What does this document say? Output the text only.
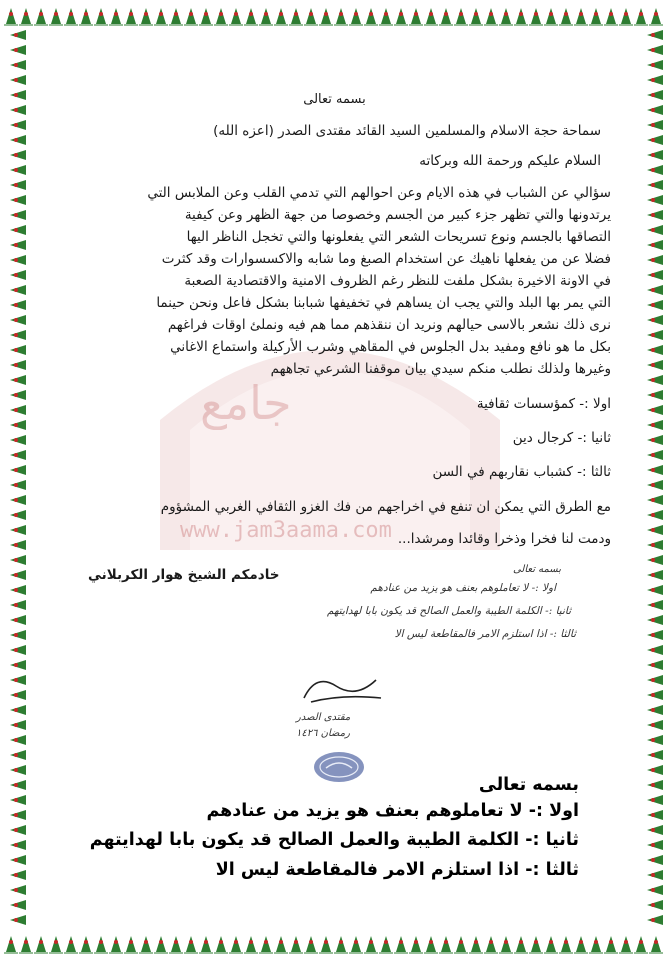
جامع
www.jam3aama.com
بسمه تعالى
سماحة حجة الاسلام والمسلمين السيد القائد مقتدى الصدر (اعزه الله)
السلام عليكم ورحمة الله وبركاته
سؤالي عن الشباب في هذه الايام وعن احوالهم التي تدمي القلب وعن الملابس التي
يرتدونها والتي تظهر جزء كبير من الجسم وخصوصا من جهة الظهر وعن كيفية
التصاقها بالجسم ونوع تسريحات الشعر التي يفعلونها والتي تخجل الناظر اليها
فضلا عن من يفعلها ناهيك عن استخدام الصبغ وما شابه والاكسسوارات وقد كثرت
في الاونة الاخيرة بشكل ملفت للنظر رغم الظروف الامنية والاقتصادية الصعبة
التي يمر بها البلد والتي يجب ان يساهم في تخفيفها شبابنا بشكل فاعل ونحن حينما
نرى ذلك نشعر بالاسى حيالهم ونريد ان ننقذهم مما هم فيه ونملئ اوقات فراغهم
بكل ما هو نافع ومفيد بدل الجلوس في المقاهي وشرب الأركيلة واستماع الاغاني
وغيرها ولذلك نطلب منكم سيدي بيان موقفنا الشرعي تجاههم
اولا :- كمؤسسات ثقافية
ثانيا :- كرجال دين
ثالثا :- كشباب نقاربهم في السن
مع الطرق التي يمكن ان تنفع في اخراجهم من فك الغزو الثقافي الغربي المشؤوم
ودمت لنا فخرا وذخرا وقائدا ومرشدا...
خادمكم الشيخ هوار الكربلاني	بسمه تعالى
اولا :- لا تعاملوهم بعنف هو يزيد من عنادهم
ثانيا :- الكلمة الطيبة والعمل الصالح قد يكون بابا لهدايتهم
ثالثا :- اذا استلزم الامر فالمقاطعة ليس الا
مقتدى الصدر
رمضان ١٤٢٦
بسمه تعالى
اولا :- لا تعاملوهم بعنف هو يزيد من عنادهم
ثانيا :- الكلمة الطيبة والعمل الصالح قد يكون بابا لهدايتهم
ثالثا :- اذا استلزم الامر فالمقاطعة ليس الا
